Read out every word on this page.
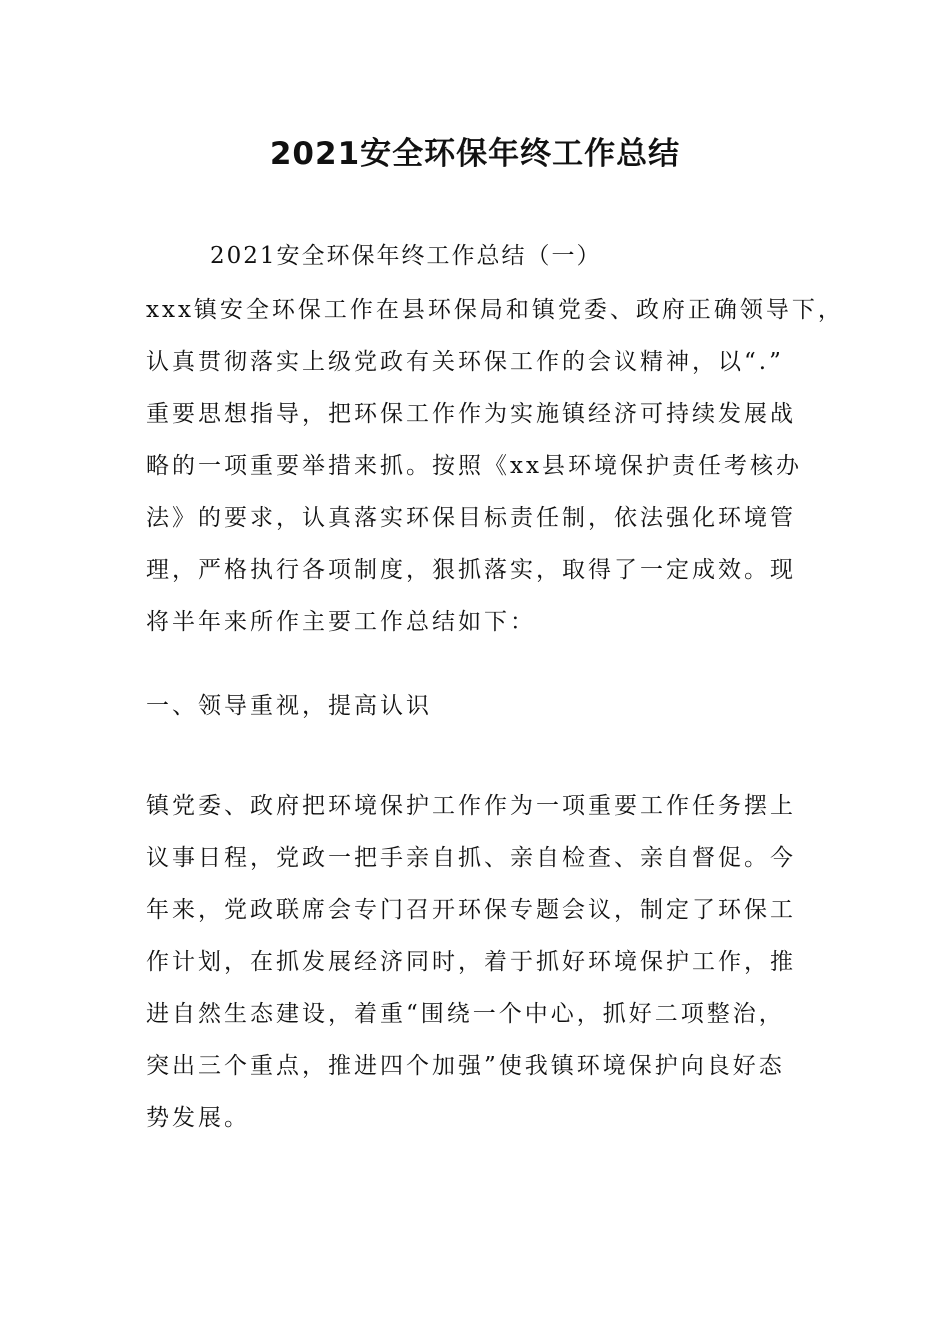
2021安全环保年终工作总结

2021安全环保年终工作总结（一）

xxx镇安全环保工作在县环保局和镇党委、政府正确领导下，
认真贯彻落实上级党政有关环保工作的会议精神，以“.”
重要思想指导，把环保工作作为实施镇经济可持续发展战
略的一项重要举措来抓。按照《xx县环境保护责任考核办
法》的要求，认真落实环保目标责任制，依法强化环境管
理，严格执行各项制度，狠抓落实，取得了一定成效。现
将半年来所作主要工作总结如下：

一、领导重视，提高认识

镇党委、政府把环境保护工作作为一项重要工作任务摆上
议事日程，党政一把手亲自抓、亲自检查、亲自督促。今
年来，党政联席会专门召开环保专题会议，制定了环保工
作计划，在抓发展经济同时，着于抓好环境保护工作，推
进自然生态建设，着重“围绕一个中心，抓好二项整治，
突出三个重点，推进四个加强”使我镇环境保护向良好态
势发展。
